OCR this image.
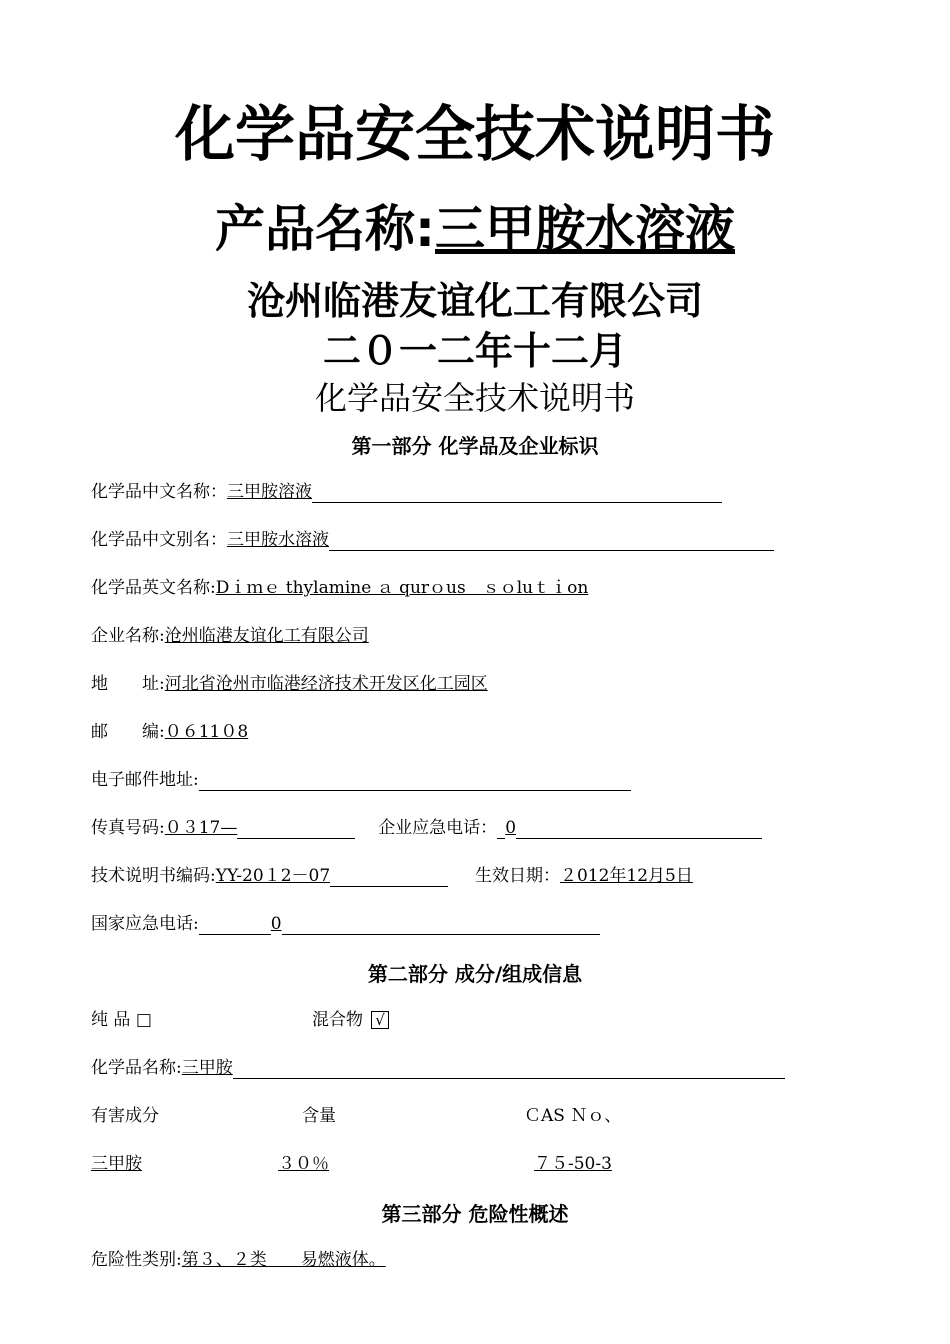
化学品安全技术说明书
产品名称:三甲胺水溶液
沧州临港友谊化工有限公司
二０一二年十二月
化学品安全技术说明书
第一部分 化学品及企业标识
化学品中文名称：三甲胺溶液
化学品中文别名：三甲胺水溶液
化学品英文名称:Dｉｍｅ thylamine ａ qurｏus　ｓｏluｔｉon
企业名称:沧州临港友谊化工有限公司
地　　址:河北省沧州市临港经济技术开发区化工园区
邮　　编:０６11０8
电子邮件地址:
传真号码:０３17—	企业应急电话： 0
技术说明书编码:YY-20１2－07	生效日期：２012年12月5日
国家应急电话:	0
第二部分 成分/组成信息
纯 品 □	混合物 √
化学品名称:三甲胺
有害成分	含量	ＣAS Ｎｏ、
三甲胺	３０％	７５-50-3
第三部分 危险性概述
危险性类别:第３、２类　　易燃液体。
